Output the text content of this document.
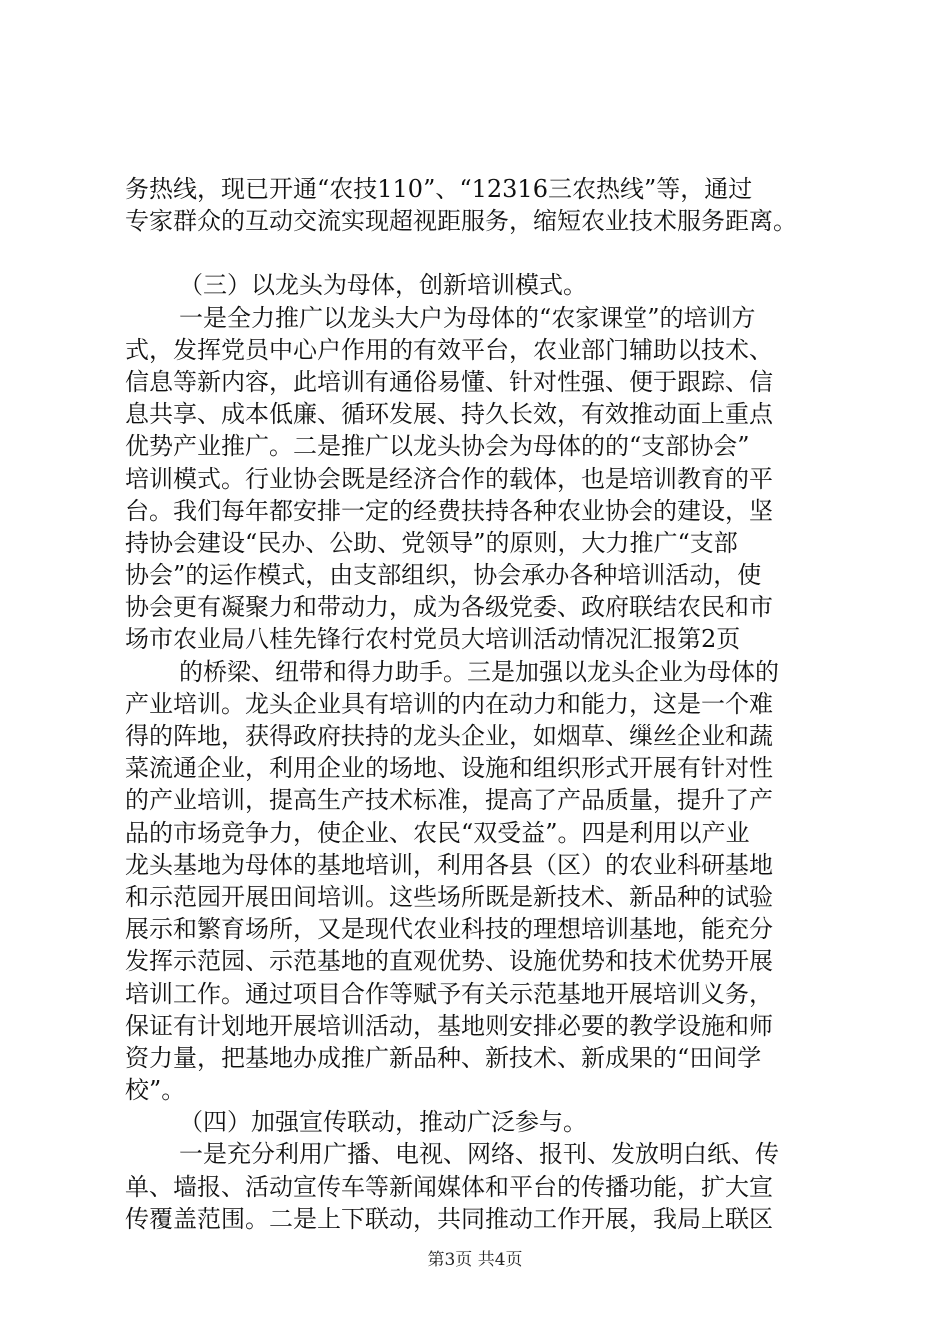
务热线，现已开通“农技110”、“12316三农热线”等，通过
专家群众的互动交流实现超视距服务，缩短农业技术服务距离。
（三）以龙头为母体，创新培训模式。
一是全力推广以龙头大户为母体的“农家课堂”的培训方
式，发挥党员中心户作用的有效平台，农业部门辅助以技术、
信息等新内容，此培训有通俗易懂、针对性强、便于跟踪、信
息共享、成本低廉、循环发展、持久长效，有效推动面上重点
优势产业推广。二是推广以龙头协会为母体的的“支部协会”
培训模式。行业协会既是经济合作的载体，也是培训教育的平
台。我们每年都安排一定的经费扶持各种农业协会的建设，坚
持协会建设“民办、公助、党领导”的原则，大力推广“支部
协会”的运作模式，由支部组织，协会承办各种培训活动，使
协会更有凝聚力和带动力，成为各级党委、政府联结农民和市
场市农业局八桂先锋行农村党员大培训活动情况汇报第2页
的桥梁、纽带和得力助手。三是加强以龙头企业为母体的
产业培训。龙头企业具有培训的内在动力和能力，这是一个难
得的阵地，获得政府扶持的龙头企业，如烟草、缫丝企业和蔬
菜流通企业，利用企业的场地、设施和组织形式开展有针对性
的产业培训，提高生产技术标准，提高了产品质量，提升了产
品的市场竞争力，使企业、农民“双受益”。四是利用以产业
龙头基地为母体的基地培训，利用各县（区）的农业科研基地
和示范园开展田间培训。这些场所既是新技术、新品种的试验
展示和繁育场所，又是现代农业科技的理想培训基地，能充分
发挥示范园、示范基地的直观优势、设施优势和技术优势开展
培训工作。通过项目合作等赋予有关示范基地开展培训义务，
保证有计划地开展培训活动，基地则安排必要的教学设施和师
资力量，把基地办成推广新品种、新技术、新成果的“田间学
校”。
（四）加强宣传联动，推动广泛参与。
一是充分利用广播、电视、网络、报刊、发放明白纸、传
单、墙报、活动宣传车等新闻媒体和平台的传播功能，扩大宣
传覆盖范围。二是上下联动，共同推动工作开展，我局上联区
第3页 共4页
